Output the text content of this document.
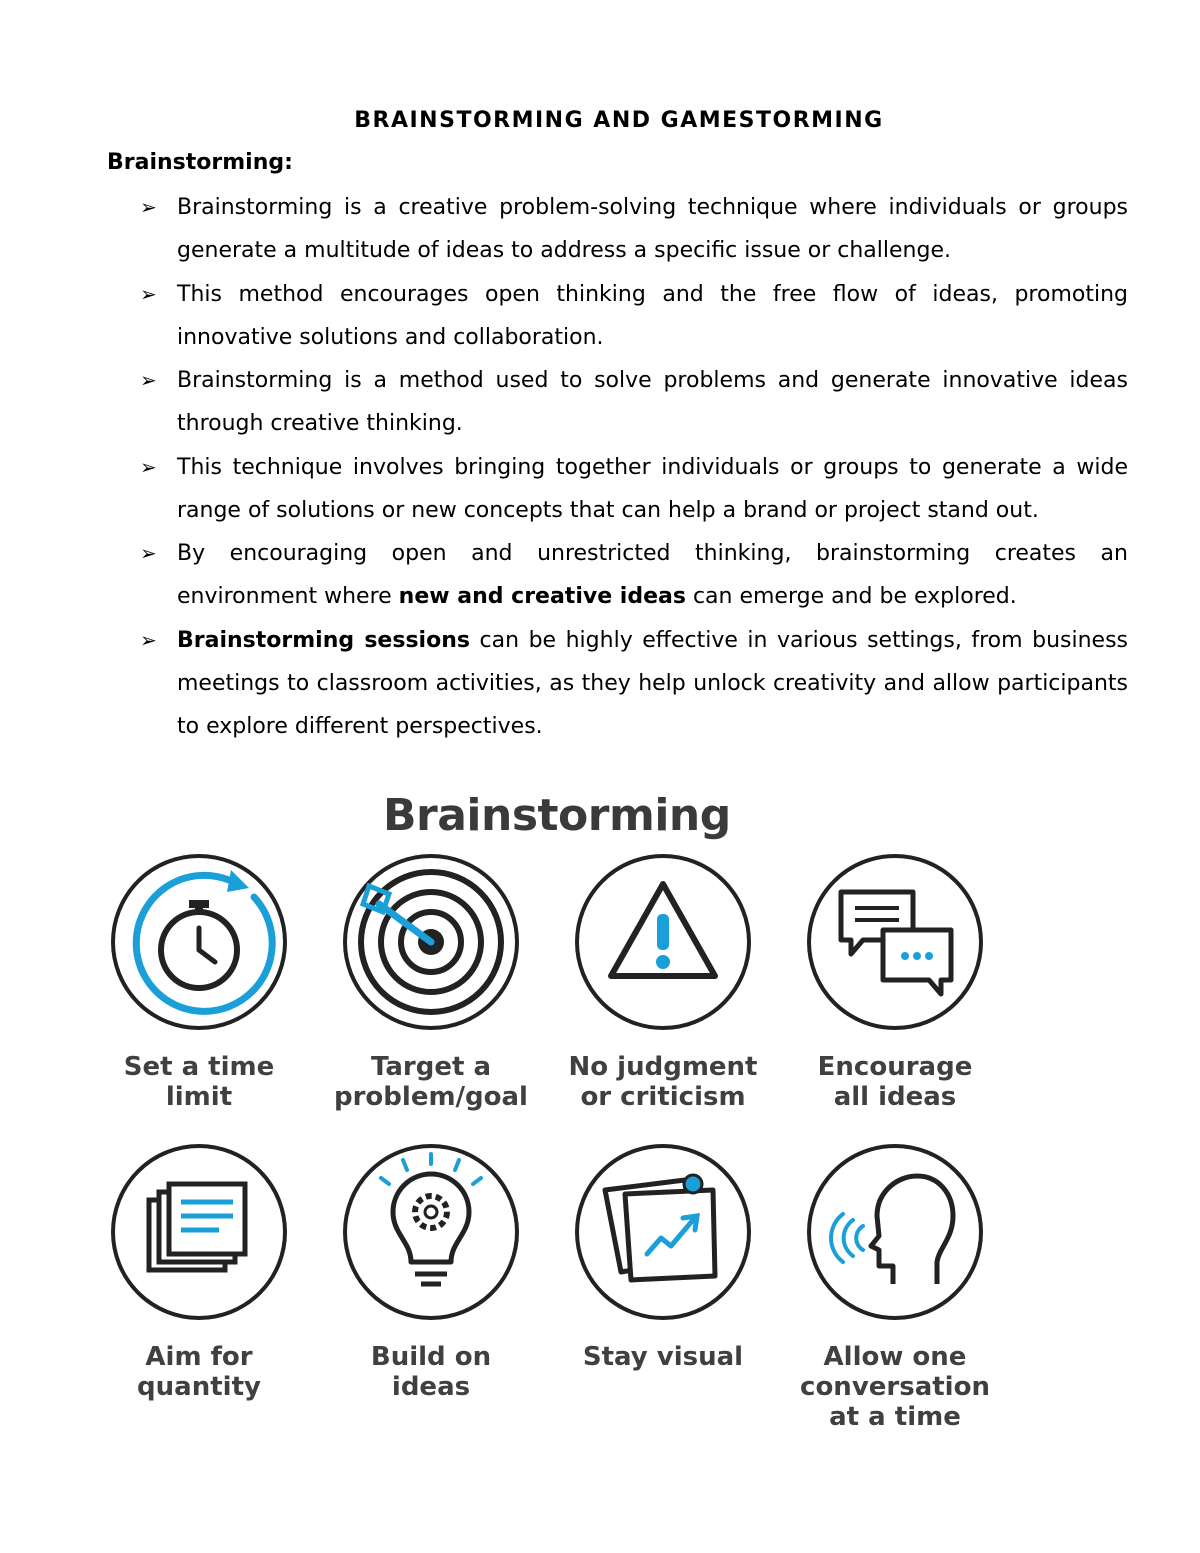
BRAINSTORMING AND GAMESTORMING
Brainstorming:
➢ Brainstorming is a creative problem-solving technique where individuals or groups generate a multitude of ideas to address a specific issue or challenge.
➢ This method encourages open thinking and the free flow of ideas, promoting innovative solutions and collaboration.
➢ Brainstorming is a method used to solve problems and generate innovative ideas through creative thinking.
➢ This technique involves bringing together individuals or groups to generate a wide range of solutions or new concepts that can help a brand or project stand out.
➢ By encouraging open and unrestricted thinking, brainstorming creates an environment where new and creative ideas can emerge and be explored.
➢ Brainstorming sessions can be highly effective in various settings, from business meetings to classroom activities, as they help unlock creativity and allow participants to explore different perspectives.
Brainstorming
Set a time
limit
Target a
problem/goal
No judgment
or criticism
Encourage
all ideas
Aim for
quantity
Build on
ideas
Stay visual	Allow one
conversation
at a time
